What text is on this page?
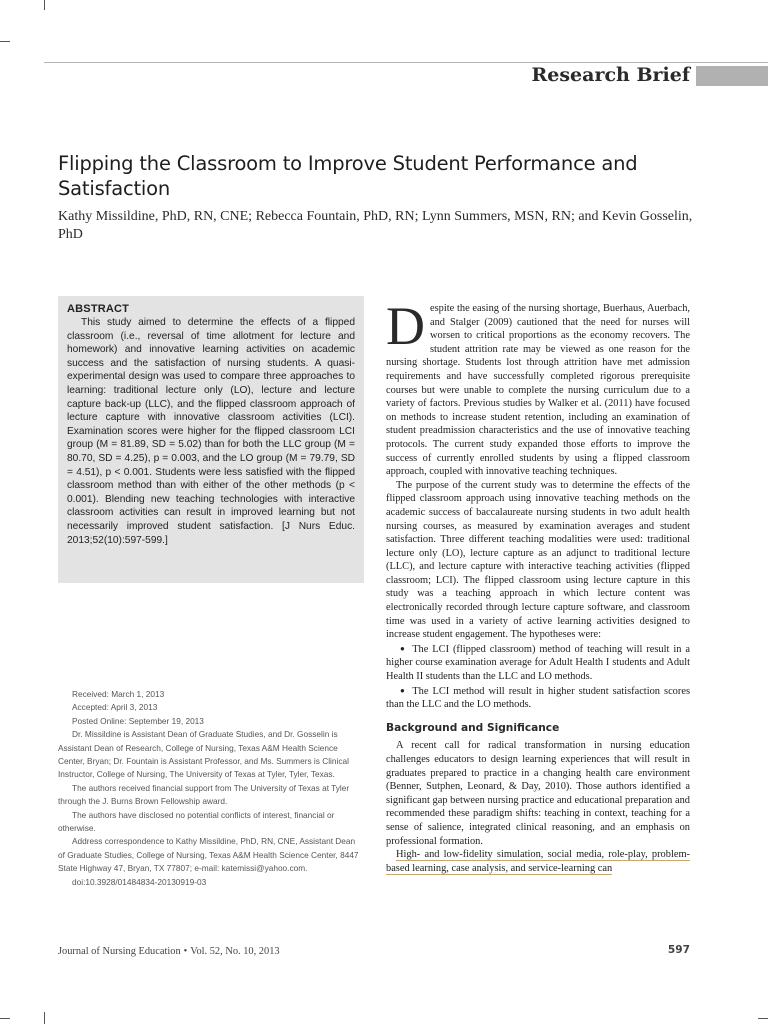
Research Brief
Flipping the Classroom to Improve Student Performance and Satisfaction

Kathy Missildine, PhD, RN, CNE; Rebecca Fountain, PhD, RN; Lynn Summers, MSN, RN; and Kevin Gosselin, PhD

ABSTRACT

This study aimed to determine the effects of a flipped classroom (i.e., reversal of time allotment for lecture and homework) and innovative learning activities on academic success and the satisfaction of nursing students. A quasi-experimental design was used to compare three approaches to learning: traditional lecture only (LO), lecture and lecture capture back-up (LLC), and the flipped classroom approach of lecture capture with innovative classroom activities (LCI). Examination scores were higher for the flipped classroom LCI group (M = 81.89, SD = 5.02) than for both the LLC group (M = 80.70, SD = 4.25), p = 0.003, and the LO group (M = 79.79, SD = 4.51), p < 0.001. Students were less satisfied with the flipped classroom method than with either of the other methods (p < 0.001). Blending new teaching technologies with interactive classroom activities can result in improved learning but not necessarily improved student satisfaction. [J Nurs Educ. 2013;52(10):597-599.]

Received: March 1, 2013

Accepted: April 3, 2013

Posted Online: September 19, 2013

Dr. Missildine is Assistant Dean of Graduate Studies, and Dr. Gosselin is Assistant Dean of Research, College of Nursing, Texas A&M Health Science Center, Bryan; Dr. Fountain is Assistant Professor, and Ms. Summers is Clinical Instructor, College of Nursing, The University of Texas at Tyler, Tyler, Texas.

The authors received financial support from The University of Texas at Tyler through the J. Burns Brown Fellowship award.

The authors have disclosed no potential conflicts of interest, financial or otherwise.

Address correspondence to Kathy Missildine, PhD, RN, CNE, Assistant Dean of Graduate Studies, College of Nursing, Texas A&M Health Science Center, 8447 State Highway 47, Bryan, TX 77807; e-mail: katemissi@yahoo.com.

doi:10.3928/01484834-20130919-03

Despite the easing of the nursing shortage, Buerhaus, Auerbach, and Stalger (2009) cautioned that the need for nurses will worsen to critical proportions as the economy recovers. The student attrition rate may be viewed as one reason for the nursing shortage. Students lost through attrition have met admission requirements and have successfully completed rigorous prerequisite courses but were unable to complete the nursing curriculum due to a variety of factors. Previous studies by Walker et al. (2011) have focused on methods to increase student retention, including an examination of student preadmission characteristics and the use of innovative teaching protocols. The current study expanded those efforts to improve the success of currently enrolled students by using a flipped classroom approach, coupled with innovative teaching techniques.

The purpose of the current study was to determine the effects of the flipped classroom approach using innovative teaching methods on the academic success of baccalaureate nursing students in two adult health nursing courses, as measured by examination averages and student satisfaction. Three different teaching modalities were used: traditional lecture only (LO), lecture capture as an adjunct to traditional lecture (LLC), and lecture capture with interactive teaching activities (flipped classroom; LCI). The flipped classroom using lecture capture in this study was a teaching approach in which lecture content was electronically recorded through lecture capture software, and classroom time was used in a variety of active learning activities designed to increase student engagement. The hypotheses were:

● The LCI (flipped classroom) method of teaching will result in a higher course examination average for Adult Health I students and Adult Health II students than the LLC and LO methods.
● The LCI method will result in higher student satisfaction scores than the LLC and the LO methods.
Background and Significance

A recent call for radical transformation in nursing education challenges educators to design learning experiences that will result in graduates prepared to practice in a changing health care environment (Benner, Sutphen, Leonard, & Day, 2010). Those authors identified a significant gap between nursing practice and educational preparation and recommended these paradigm shifts: teaching in context, teaching for a sense of salience, integrated clinical reasoning, and an emphasis on professional formation.

High- and low-fidelity simulation, social media, role-play, problem-based learning, case analysis, and service-learning can

Journal of Nursing Education • Vol. 52, No. 10, 2013	597
